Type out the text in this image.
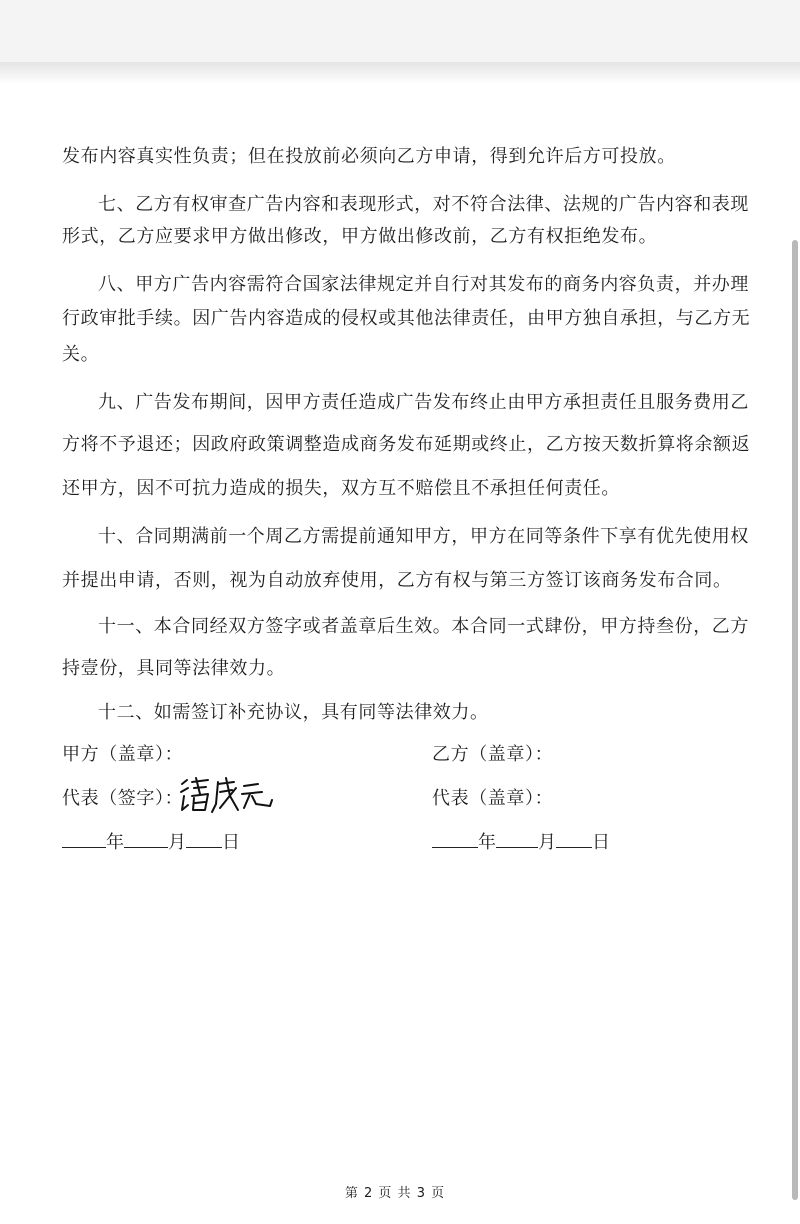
发布内容真实性负责；但在投放前必须向乙方申请，得到允许后方可投放。
七、乙方有权审查广告内容和表现形式，对不符合法律、法规的广告内容和表现
形式，乙方应要求甲方做出修改，甲方做出修改前，乙方有权拒绝发布。
八、甲方广告内容需符合国家法律规定并自行对其发布的商务内容负责，并办理
行政审批手续。因广告内容造成的侵权或其他法律责任，由甲方独自承担，与乙方无
关。
九、广告发布期间，因甲方责任造成广告发布终止由甲方承担责任且服务费用乙
方将不予退还；因政府政策调整造成商务发布延期或终止，乙方按天数折算将余额返
还甲方，因不可抗力造成的损失，双方互不赔偿且不承担任何责任。
十、合同期满前一个周乙方需提前通知甲方，甲方在同等条件下享有优先使用权
并提出申请，否则，视为自动放弃使用，乙方有权与第三方签订该商务发布合同。
十一、本合同经双方签字或者盖章后生效。本合同一式肆份，甲方持叁份，乙方
持壹份，具同等法律效力。
十二、如需签订补充协议，具有同等法律效力。
甲方（盖章）：
代表（签字）：
年 月 日
乙方（盖章）：
代表（盖章）：
年 月 日
第 2 页 共 3 页
